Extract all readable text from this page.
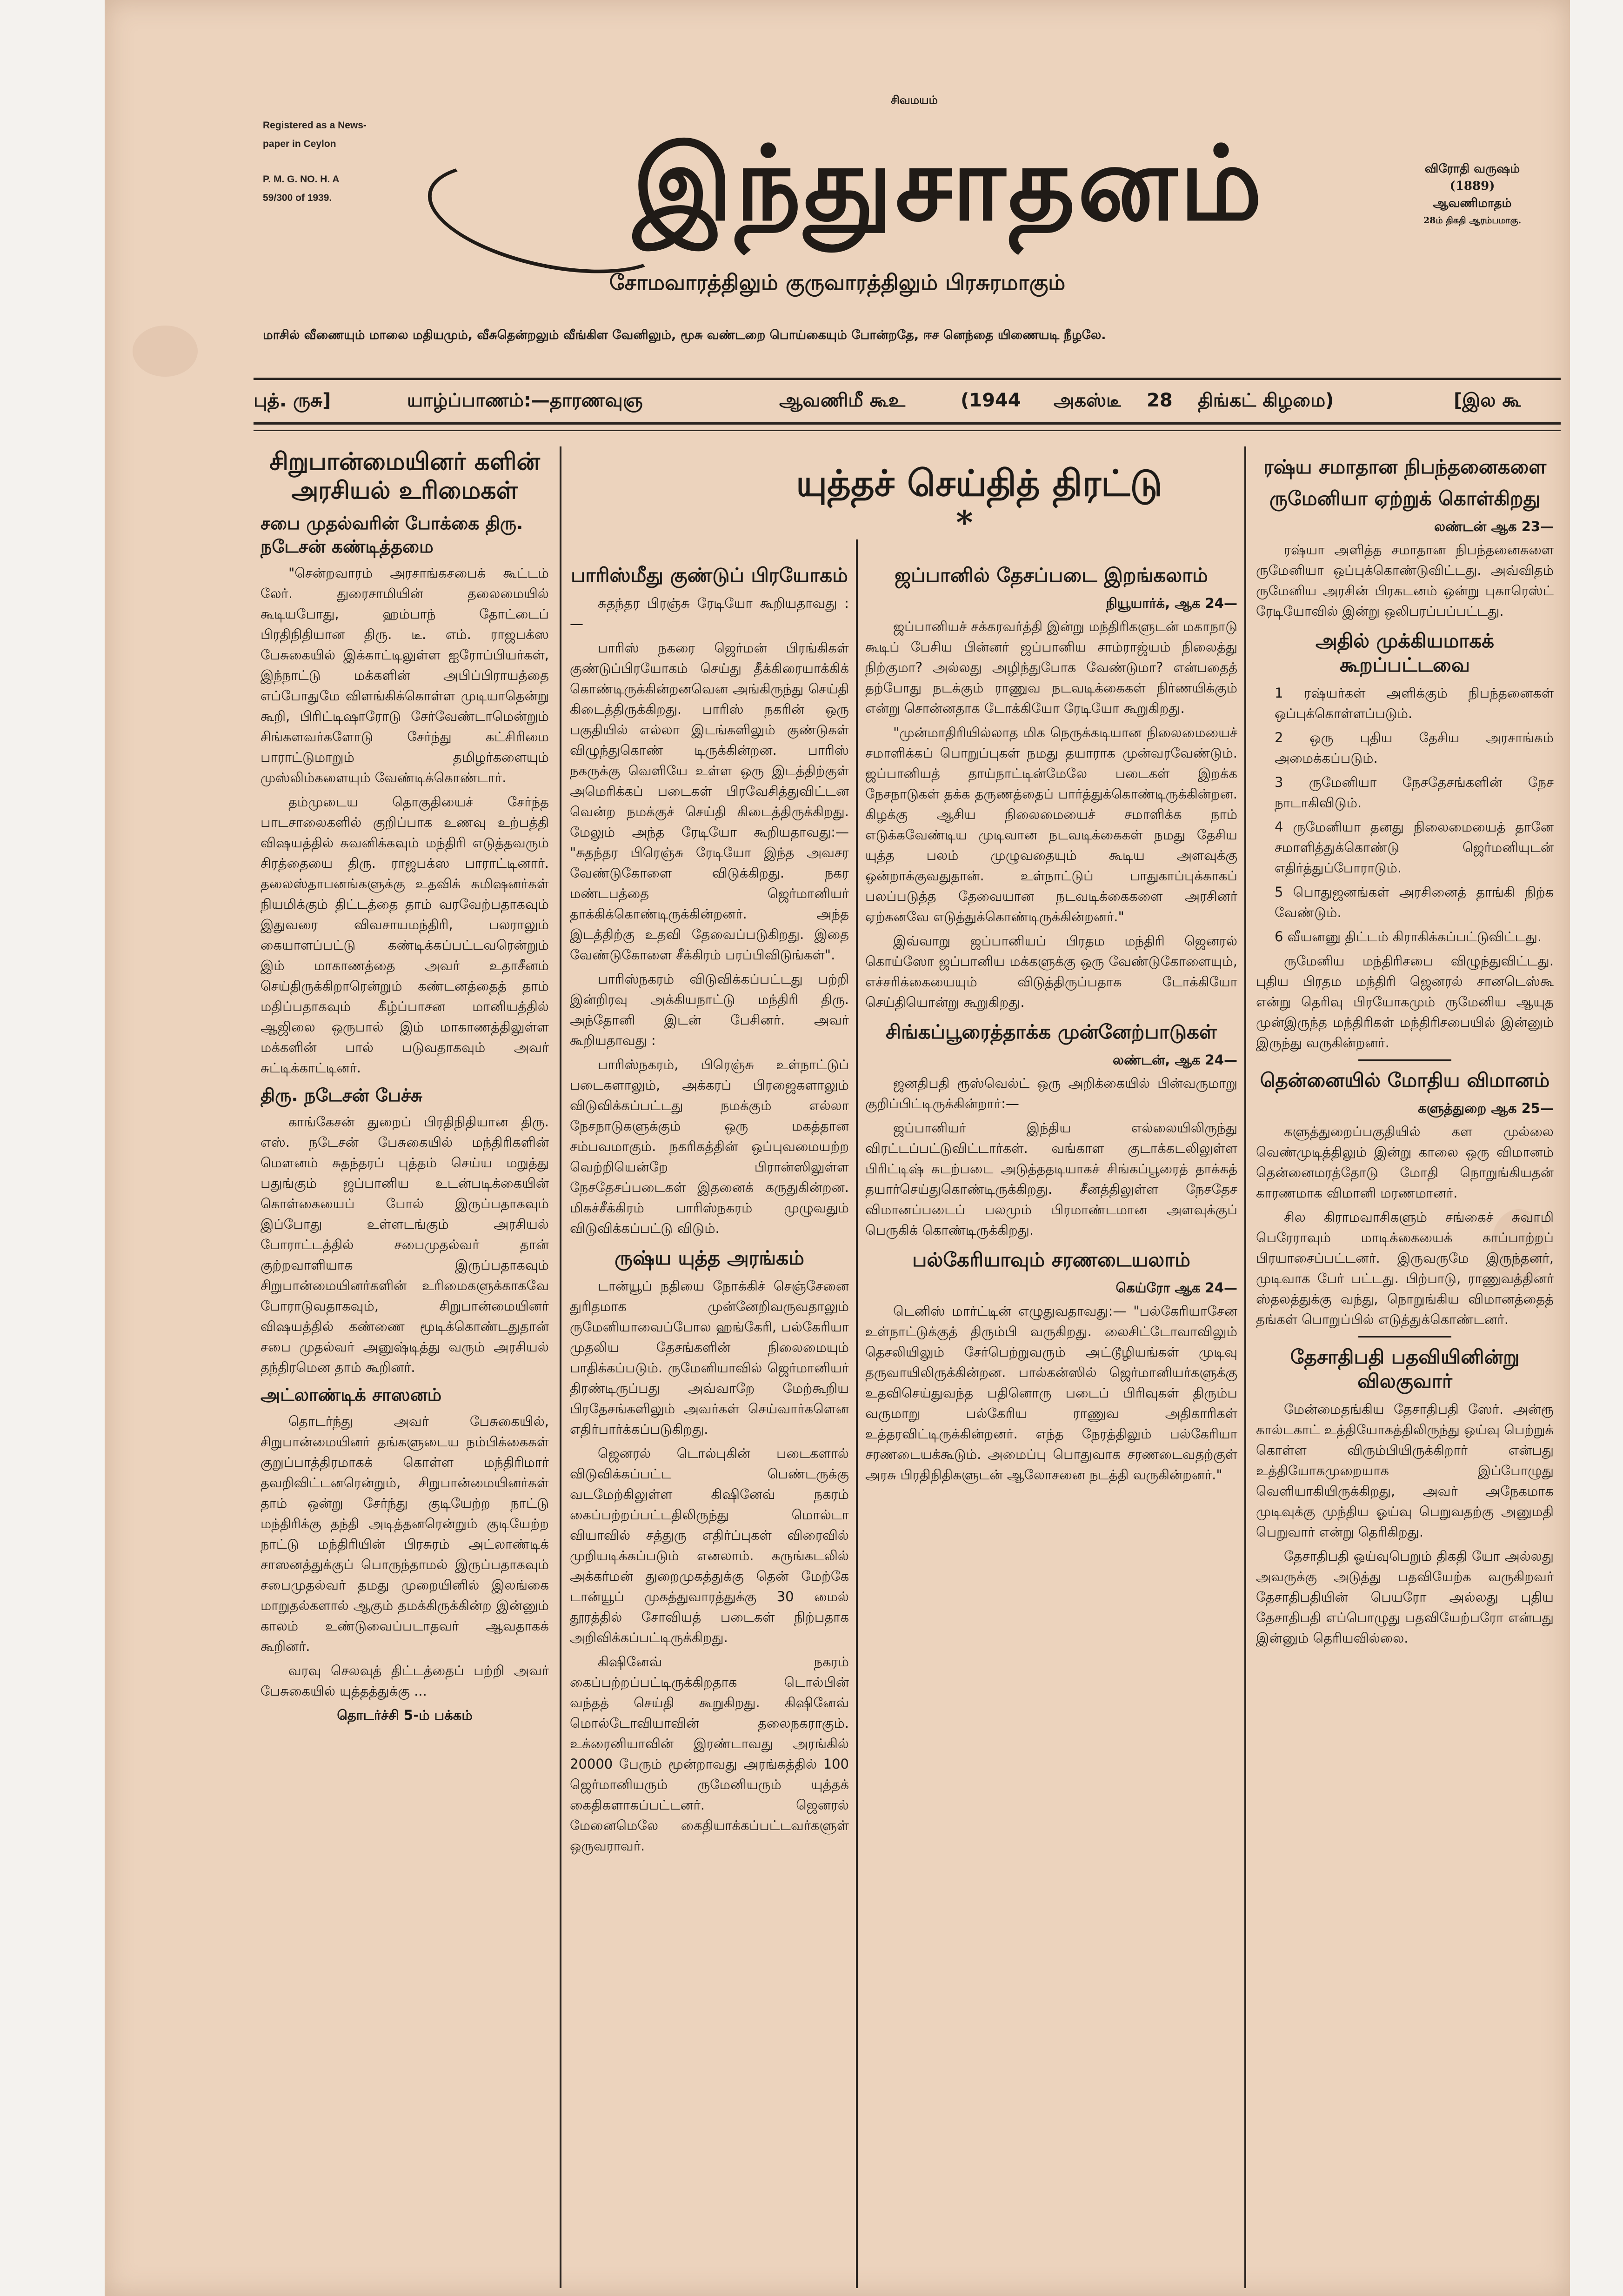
Registered as a News-
paper in Ceylon
P. M. G. NO. H. A
59/300 of 1939.
சிவமயம்
இந்துசாதனம்	விரோதி வருஷம்
(1889)
ஆவணிமாதம்
28ம் திகதி ஆரம்பமாகு.
சோமவாரத்திலும் குருவாரத்திலும் பிரசுரமாகும்
மாசில் வீணையும் மாலை மதியமும், வீசுதென்றலும் வீங்கிள வேனிலும், மூசு வண்டறை பொய்கையும் போன்றதே, ஈச னெந்தை யிணையடி நீழலே.
புத். ருசு]	யாழ்ப்பாணம்:—தாரணவுஞ	ஆவணிமீ கூஉ	(1944 அகஸ்டீ 28 திங்கட் கிழமை)	[இல கூ
சிறுபான்மையினர் களின் அரசியல் உரிமைகள்
சபை முதல்வரின் போக்கை திரு. நடேசன் கண்டித்தமை

"சென்றவாரம் அரசாங்கசபைக் கூட்டம் லேர். துரைசாமியின் தலைமையில் கூடியபோது, ஹம்பாந் தோட்டைப் பிரதிநிதியான திரு. டீ. எம். ராஜபக்ஸ பேசுகையில் இக்காட்டிலுள்ள ஐரோப்பியர்கள், இந்நாட்டு மக்களின் அபிப்பிராயத்தை எப்போதுமே விளங்கிக்கொள்ள முடியாதென்று கூறி, பிரிட்டிஷாரோடு சேர்வேண்டாமென்றும் சிங்களவர்களோடு சேர்ந்து கட்சிரிமை பாராட்டுமாறும் தமிழர்களையும் முஸ்லிம்களையும் வேண்டிக்கொண்டார்.

தம்முடைய தொகுதியைச் சேர்ந்த பாடசாலைகளில் குறிப்பாக உணவு உற்பத்தி விஷயத்தில் கவனிக்கவும் மந்திரி எடுத்தவரும் சிரத்தையை திரு. ராஜபக்ஸ பாராட்டினார். தலைஸ்தாபனங்களுக்கு உதவிக் கமிஷனர்கள் நியமிக்கும் திட்டத்தை தாம் வரவேற்பதாகவும் இதுவரை விவசாயமந்திரி, பலராலும் கையாளப்பட்டு கண்டிக்கப்பட்டவரென்றும் இம் மாகாணத்தை அவர் உதாசீனம் செய்திருக்கிறாரென்றும் கண்டனத்தைத் தாம் மதிப்பதாகவும் கீழ்ப்பாசன மானியத்தில் ஆஜிலை ஒருபால் இம் மாகாணத்திலுள்ள மக்களின் பால் படுவதாகவும் அவர் சுட்டிக்காட்டினர்.

திரு. நடேசன் பேச்சு

காங்கேசன் துறைப் பிரதிநிதியான திரு. எஸ். நடேசன் பேசுகையில் மந்திரிகளின் மௌனம் சுதந்தரப் புத்தம் செய்ய மறுத்து பதுங்கும் ஜப்பானிய உடன்படிக்கையின் கொள்கையைப் போல் இருப்பதாகவும் இப்போது உள்ளடங்கும் அரசியல் போராட்டத்தில் சபைமுதல்வர் தான் குற்றவாளியாக இருப்பதாகவும் சிறுபான்மையினர்களின் உரிமைகளுக்காகவே போராடுவதாகவும், சிறுபான்மையினர் விஷயத்தில் கண்ணை மூடிக்கொண்டதுதான் சபை முதல்வர் அனுஷ்டித்து வரும் அரசியல் தந்திரமென தாம் கூறினர்.

அட்லாண்டிக் சாஸனம்

தொடர்ந்து அவர் பேசுகையில், சிறுபான்மையினர் தங்களுடைய நம்பிக்கைகள் குறுப்பாத்திரமாகக் கொள்ள மந்திரிமார் தவறிவிட்டனரென்றும், சிறுபான்மையினர்கள் தாம் ஒன்று சேர்ந்து குடியேற்ற நாட்டு மந்திரிக்கு தந்தி அடித்தனரென்றும் குடியேற்ற நாட்டு மந்திரியின் பிரசுரம் அட்லாண்டிக் சாஸனத்துக்குப் பொருந்தாமல் இருப்பதாகவும் சபைமுதல்வர் தமது முறையினில் இலங்கை மாறுதல்களால் ஆகும் தமக்கிருக்கின்ற இன்னும் காலம் உண்டுவைப்படாதவர் ஆவதாகக் கூறினர்.

வரவு செலவுத் திட்டத்தைப் பற்றி அவர் பேசுகையில் யுத்தத்துக்கு ...

தொடர்ச்சி 5-ம் பக்கம்
யுத்தச் செய்தித் திரட்டு
*
பாரிஸ்மீது குண்டுப் பிரயோகம்

சுதந்தர பிரஞ்சு ரேடியோ கூறியதாவது :—

பாரிஸ் நகரை ஜெர்மன் பிரங்கிகள் குண்டுப்பிரயோகம் செய்து தீக்கிரையாக்கிக் கொண்டிருக்கின்றனவென அங்கிருந்து செய்தி கிடைத்திருக்கிறது. பாரிஸ் நகரின் ஒரு பகுதியில் எல்லா இடங்களிலும் குண்டுகள் விழுந்துகொண் டிருக்கின்றன. பாரிஸ் நகருக்கு வெளியே உள்ள ஒரு இடத்திற்குள் அமெரிக்கப் படைகள் பிரவேசித்துவிட்டன வென்ற நமக்குச் செய்தி கிடைத்திருக்கிறது. மேலும் அந்த ரேடியோ கூறியதாவது:— "சுதந்தர பிரெஞ்சு ரேடியோ இந்த அவசர வேண்டுகோளை விடுக்கிறது. நகர மண்டபத்தை ஜெர்மானியர் தாக்கிக்கொண்டிருக்கின்றனர். அந்த இடத்திற்கு உதவி தேவைப்படுகிறது. இதை வேண்டுகோளை சீக்கிரம் பரப்பிவிடுங்கள்".

பாரிஸ்நகரம் விடுவிக்கப்பட்டது பற்றி இன்றிரவு அக்கியநாட்டு மந்திரி திரு. அந்தோனி இடன் பேசினர். அவர் கூறியதாவது :

பாரிஸ்நகரம், பிரெஞ்சு உள்நாட்டுப் படைகளாலும், அக்கரப் பிரஜைகளாலும் விடுவிக்கப்பட்டது நமக்கும் எல்லா நேசநாடுகளுக்கும் ஒரு மகத்தான சம்பவமாகும். நகரிகத்தின் ஒப்புவமையற்ற வெற்றியென்றே பிரான்ஸிலுள்ள நேசதேசப்படைகள் இதனைக் கருதுகின்றன. மிகச்சீக்கிரம் பாரிஸ்நகரம் முழுவதும் விடுவிக்கப்பட்டு விடும்.

ருஷ்ய யுத்த அரங்கம்

டான்யூப் நதியை நோக்கிச் செஞ்சேனை துரிதமாக முன்னேறிவருவதாலும் ருமேனியாவைப்போல ஹங்கேரி, பல்கேரியா முதலிய தேசங்களின் நிலைமையும் பாதிக்கப்படும். ருமேனியாவில் ஜெர்மானியர் திரண்டிருப்பது அவ்வாறே மேற்கூறிய பிரதேசங்களிலும் அவர்கள் செய்வார்களென எதிர்பார்க்கப்படுகிறது.

ஜெனரல் டொல்புகின் படைகளால் விடுவிக்கப்பட்ட பெண்டருக்கு வடமேற்கிலுள்ள கிஷினேவ் நகரம் கைப்பற்றப்பட்டதிலிருந்து மொல்டா வியாவில் சத்துரு எதிர்ப்புகள் விரைவில் முறியடிக்கப்படும் எனலாம். கருங்கடலில் அக்கர்மன் துறைமுகத்துக்கு தென் மேற்கே டான்யூப் முகத்துவாரத்துக்கு 30 மைல் தூரத்தில் சோவியத் படைகள் நிற்பதாக அறிவிக்கப்பட்டிருக்கிறது.

கிஷினேவ் நகரம் கைப்பற்றப்பட்டிருக்கிறதாக டொல்பின் வந்தத் செய்தி கூறுகிறது. கிஷினேவ் மொல்டோவியாவின் தலைநகராகும். உக்ரைனியாவின் இரண்டாவது அரங்கில் 20000 பேரும் மூன்றாவது அரங்கத்தில் 100 ஜெர்மானியரும் ருமேனியரும் யுத்தக் கைதிகளாகப்பட்டனர். ஜெனரல் மேனைமெலே கைதியாக்கப்பட்டவர்களுள் ஒருவராவர்.

ஜப்பானில் தேசப்படை இறங்கலாம்
நியூயார்க், ஆக 24—

ஜப்பானியச் சக்கரவர்த்தி இன்று மந்திரிகளுடன் மகாநாடு கூடிப் பேசிய பின்னர் ஜப்பானிய சாம்ராஜ்யம் நிலைத்து நிற்குமா? அல்லது அழிந்துபோக வேண்டுமா? என்பதைத் தற்போது நடக்கும் ராணுவ நடவடிக்கைகள் நிர்ணயிக்கும் என்று சொன்னதாக டோக்கியோ ரேடியோ கூறுகிறது.

"முன்மாதிரியில்லாத மிக நெருக்கடியான நிலைமையைச் சமாளிக்கப் பொறுப்புகள் நமது தயாராக முன்வரவேண்டும். ஜப்பானியத் தாய்நாட்டின்மேலே படைகள் இறக்க நேசநாடுகள் தக்க தருணத்தைப் பார்த்துக்கொண்டிருக்கின்றன. கிழக்கு ஆசிய நிலைமையைச் சமாளிக்க நாம் எடுக்கவேண்டிய முடிவான நடவடிக்கைகள் நமது தேசிய யுத்த பலம் முழுவதையும் கூடிய அளவுக்கு ஒன்றாக்குவதுதான். உள்நாட்டுப் பாதுகாப்புக்காகப் பலப்படுத்த தேவையான நடவடிக்கைகளை அரசினர் ஏற்கனவே எடுத்துக்கொண்டிருக்கின்றனர்."

இவ்வாறு ஜப்பானியப் பிரதம மந்திரி ஜெனரல் கொய்ஸோ ஜப்பானிய மக்களுக்கு ஒரு வேண்டுகோளையும், எச்சரிக்கையையும் விடுத்திருப்பதாக டோக்கியோ செய்தியொன்று கூறுகிறது.

சிங்கப்பூரைத்தாக்க முன்னேற்பாடுகள்
லண்டன், ஆக 24—

ஜனதிபதி ரூஸ்வெல்ட் ஒரு அறிக்கையில் பின்வருமாறு குறிப்பிட்டிருக்கின்றார்:—

ஜப்பானியர் இந்திய எல்லையிலிருந்து விரட்டப்பட்டுவிட்டார்கள். வங்காள குடாக்கடலிலுள்ள பிரிட்டிஷ் கடற்படை அடுத்ததடியாகச் சிங்கப்பூரைத் தாக்கத் தயார்செய்துகொண்டிருக்கிறது. சீனத்திலுள்ள நேசதேச விமானப்படைப் பலமும் பிரமாண்டமான அளவுக்குப் பெருகிக் கொண்டிருக்கிறது.

பல்கேரியாவும் சரணடையலாம்
கெய்ரோ ஆக 24—

டெனிஸ் மார்ட்டின் எழுதுவதாவது:— "பல்கேரியாசேன உள்நாட்டுக்குத் திரும்பி வருகிறது. லைசிட்டோவாவிலும் தெசலியிலும் சேர்பெற்றுவரும் அட்டூழியங்கள் முடிவு தருவாயிலிருக்கின்றன. பால்கன்ஸில் ஜெர்மானியர்களுக்கு உதவிசெய்துவந்த பதினொரு படைப் பிரிவுகள் திரும்ப வருமாறு பல்கேரிய ராணுவ அதிகாரிகள் உத்தரவிட்டிருக்கின்றனர். எந்த நேரத்திலும் பல்கேரியா சரணடையக்கூடும். அமைப்பு பொதுவாக சரணடைவதற்குள் அரசு பிரதிநிதிகளுடன் ஆலோசனை நடத்தி வருகின்றனர்."

ரஷ்ய சமாதான நிபந்தனைகளை
ருமேனியா ஏற்றுக் கொள்கிறது
லண்டன் ஆக 23—

ரஷ்யா அளித்த சமாதான நிபந்தனைகளை ருமேனியா ஒப்புக்கொண்டுவிட்டது. அவ்விதம் ருமேனிய அரசின் பிரகடனம் ஒன்று புகாரெஸ்ட் ரேடியோவில் இன்று ஒலிபரப்பப்பட்டது.

அதில் முக்கியமாகக் கூறப்பட்டவை

1 ரஷ்யர்கள் அளிக்கும் நிபந்தனைகள் ஒப்புக்கொள்ளப்படும்.

2 ஒரு புதிய தேசிய அரசாங்கம் அமைக்கப்படும்.

3 ருமேனியா நேசதேசங்களின் நேச நாடாகிவிடும்.

4 ருமேனியா தனது நிலைமையைத் தானே சமாளித்துக்கொண்டு ஜெர்மனியுடன் எதிர்த்துப்போராடும்.

5 பொதுஜனங்கள் அரசினைத் தாங்கி நிற்க வேண்டும்.

6 வீயனனு திட்டம் கிராகிக்கப்பட்டுவிட்டது.

ருமேனிய மந்திரிசபை விழுந்துவிட்டது. புதிய பிரதம மந்திரி ஜெனரல் சானடெஸ்கூ என்று தெரிவு பிரயோகமும் ருமேனிய ஆயுத முன்இருந்த மந்திரிகள் மந்திரிசபையில் இன்னும் இருந்து வருகின்றனர்.

தென்னையில் மோதிய விமானம்
களுத்துறை ஆக 25—

களுத்துறைப்பகுதியில் கள முல்லை வெண்முடித்திலும் இன்று காலை ஒரு விமானம் தென்னைமரத்தோடு மோதி நொறுங்கியதன் காரணமாக விமானி மரணமானர்.

சில கிராமவாசிகளும் சங்கைச் சுவாமி பெரேராவும் மாடிக்கையைக் காப்பாற்றப் பிரயாசைப்பட்டனர். இருவருமே இருந்தனர், முடிவாக பேர் பட்டது. பிற்பாடு, ராணுவத்தினர் ஸ்தலத்துக்கு வந்து, நொறுங்கிய விமானத்தைத் தங்கள் பொறுப்பில் எடுத்துக்கொண்டனர்.

தேசாதிபதி பதவியினின்று விலகுவார்

மேன்மைதங்கிய தேசாதிபதி ஸேர். அன்ரூ கால்டகாட் உத்தியோகத்திலிருந்து ஒய்வு பெற்றுக் கொள்ள விரும்பியிருக்கிறார் என்பது உத்தியோகமுறையாக இப்போழுது வெளியாகியிருக்கிறது, அவர் அநேகமாக முடிவுக்கு முந்திய ஓய்வு பெறுவதற்கு அனுமதி பெறுவார் என்று தெரிகிறது.

தேசாதிபதி ஓய்வுபெறும் திகதி யோ அல்லது அவருக்கு அடுத்து பதவியேற்க வருகிறவர் தேசாதிபதியின் பெயரோ அல்லது புதிய தேசாதிபதி எப்பொழுது பதவியேற்பரோ என்பது இன்னும் தெரியவில்லை.
